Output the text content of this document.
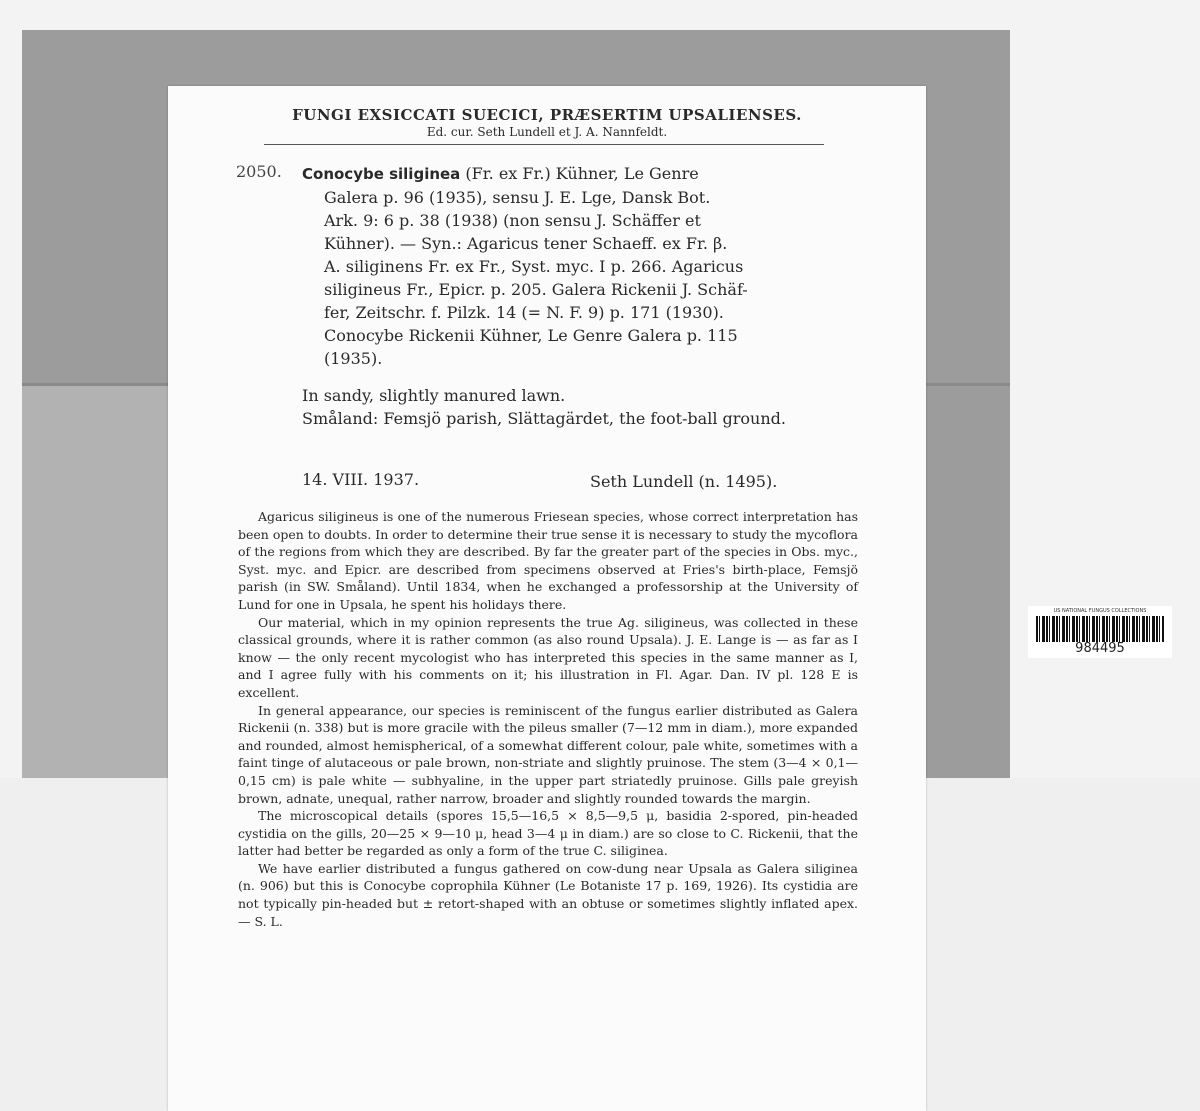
FUNGI EXSICCATI SUECICI, PRÆSERTIM UPSALIENSES.
Ed. cur. Seth Lundell et J. A. Nannfeldt.
2050. Conocybe siliginea (Fr. ex Fr.) Kühner, Le Genre

Galera p. 96 (1935), sensu J. E. Lge, Dansk Bot.

Ark. 9: 6 p. 38 (1938) (non sensu J. Schäffer et

Kühner). — Syn.: Agaricus tener Schaeff. ex Fr. β.

A. siliginens Fr. ex Fr., Syst. myc. I p. 266. Agaricus

siligineus Fr., Epicr. p. 205. Galera Rickenii J. Schäf-

fer, Zeitschr. f. Pilzk. 14 (= N. F. 9) p. 171 (1930).

Conocybe Rickenii Kühner, Le Genre Galera p. 115

(1935).

In sandy, slightly manured lawn.
Småland: Femsjö parish, Slättagärdet, the foot-ball ground.
14. VIII. 1937.	Seth Lundell (n. 1495).

Agaricus siligineus is one of the numerous Friesean species, whose correct interpretation has been open to doubts. In order to determine their true sense it is necessary to study the mycoflora of the regions from which they are described. By far the greater part of the species in Obs. myc., Syst. myc. and Epicr. are described from specimens observed at Fries's birth-place, Femsjö parish (in SW. Småland). Until 1834, when he exchanged a professorship at the University of Lund for one in Upsala, he spent his holidays there.

Our material, which in my opinion represents the true Ag. siligineus, was collected in these classical grounds, where it is rather common (as also round Upsala). J. E. Lange is — as far as I know — the only recent mycologist who has interpreted this species in the same manner as I, and I agree fully with his comments on it; his illustration in Fl. Agar. Dan. IV pl. 128 E is excellent.

In general appearance, our species is reminiscent of the fungus earlier distributed as Galera Rickenii (n. 338) but is more gracile with the pileus smaller (7—12 mm in diam.), more expanded and rounded, almost hemispherical, of a somewhat different colour, pale white, sometimes with a faint tinge of alutaceous or pale brown, non-striate and slightly pruinose. The stem (3—4 × 0,1—0,15 cm) is pale white — subhyaline, in the upper part striatedly pruinose. Gills pale greyish brown, adnate, unequal, rather narrow, broader and slightly rounded towards the margin.

The microscopical details (spores 15,5—16,5 × 8,5—9,5 μ, basidia 2-spored, pin-headed cystidia on the gills, 20—25 × 9—10 μ, head 3—4 μ in diam.) are so close to C. Rickenii, that the latter had better be regarded as only a form of the true C. siliginea.

We have earlier distributed a fungus gathered on cow-dung near Upsala as Galera siliginea (n. 906) but this is Conocybe coprophila Kühner (Le Botaniste 17 p. 169, 1926). Its cystidia are not typically pin-headed but ± retort-shaped with an obtuse or sometimes slightly inflated apex. — S. L.

US NATIONAL FUNGUS COLLECTIONS
984495
